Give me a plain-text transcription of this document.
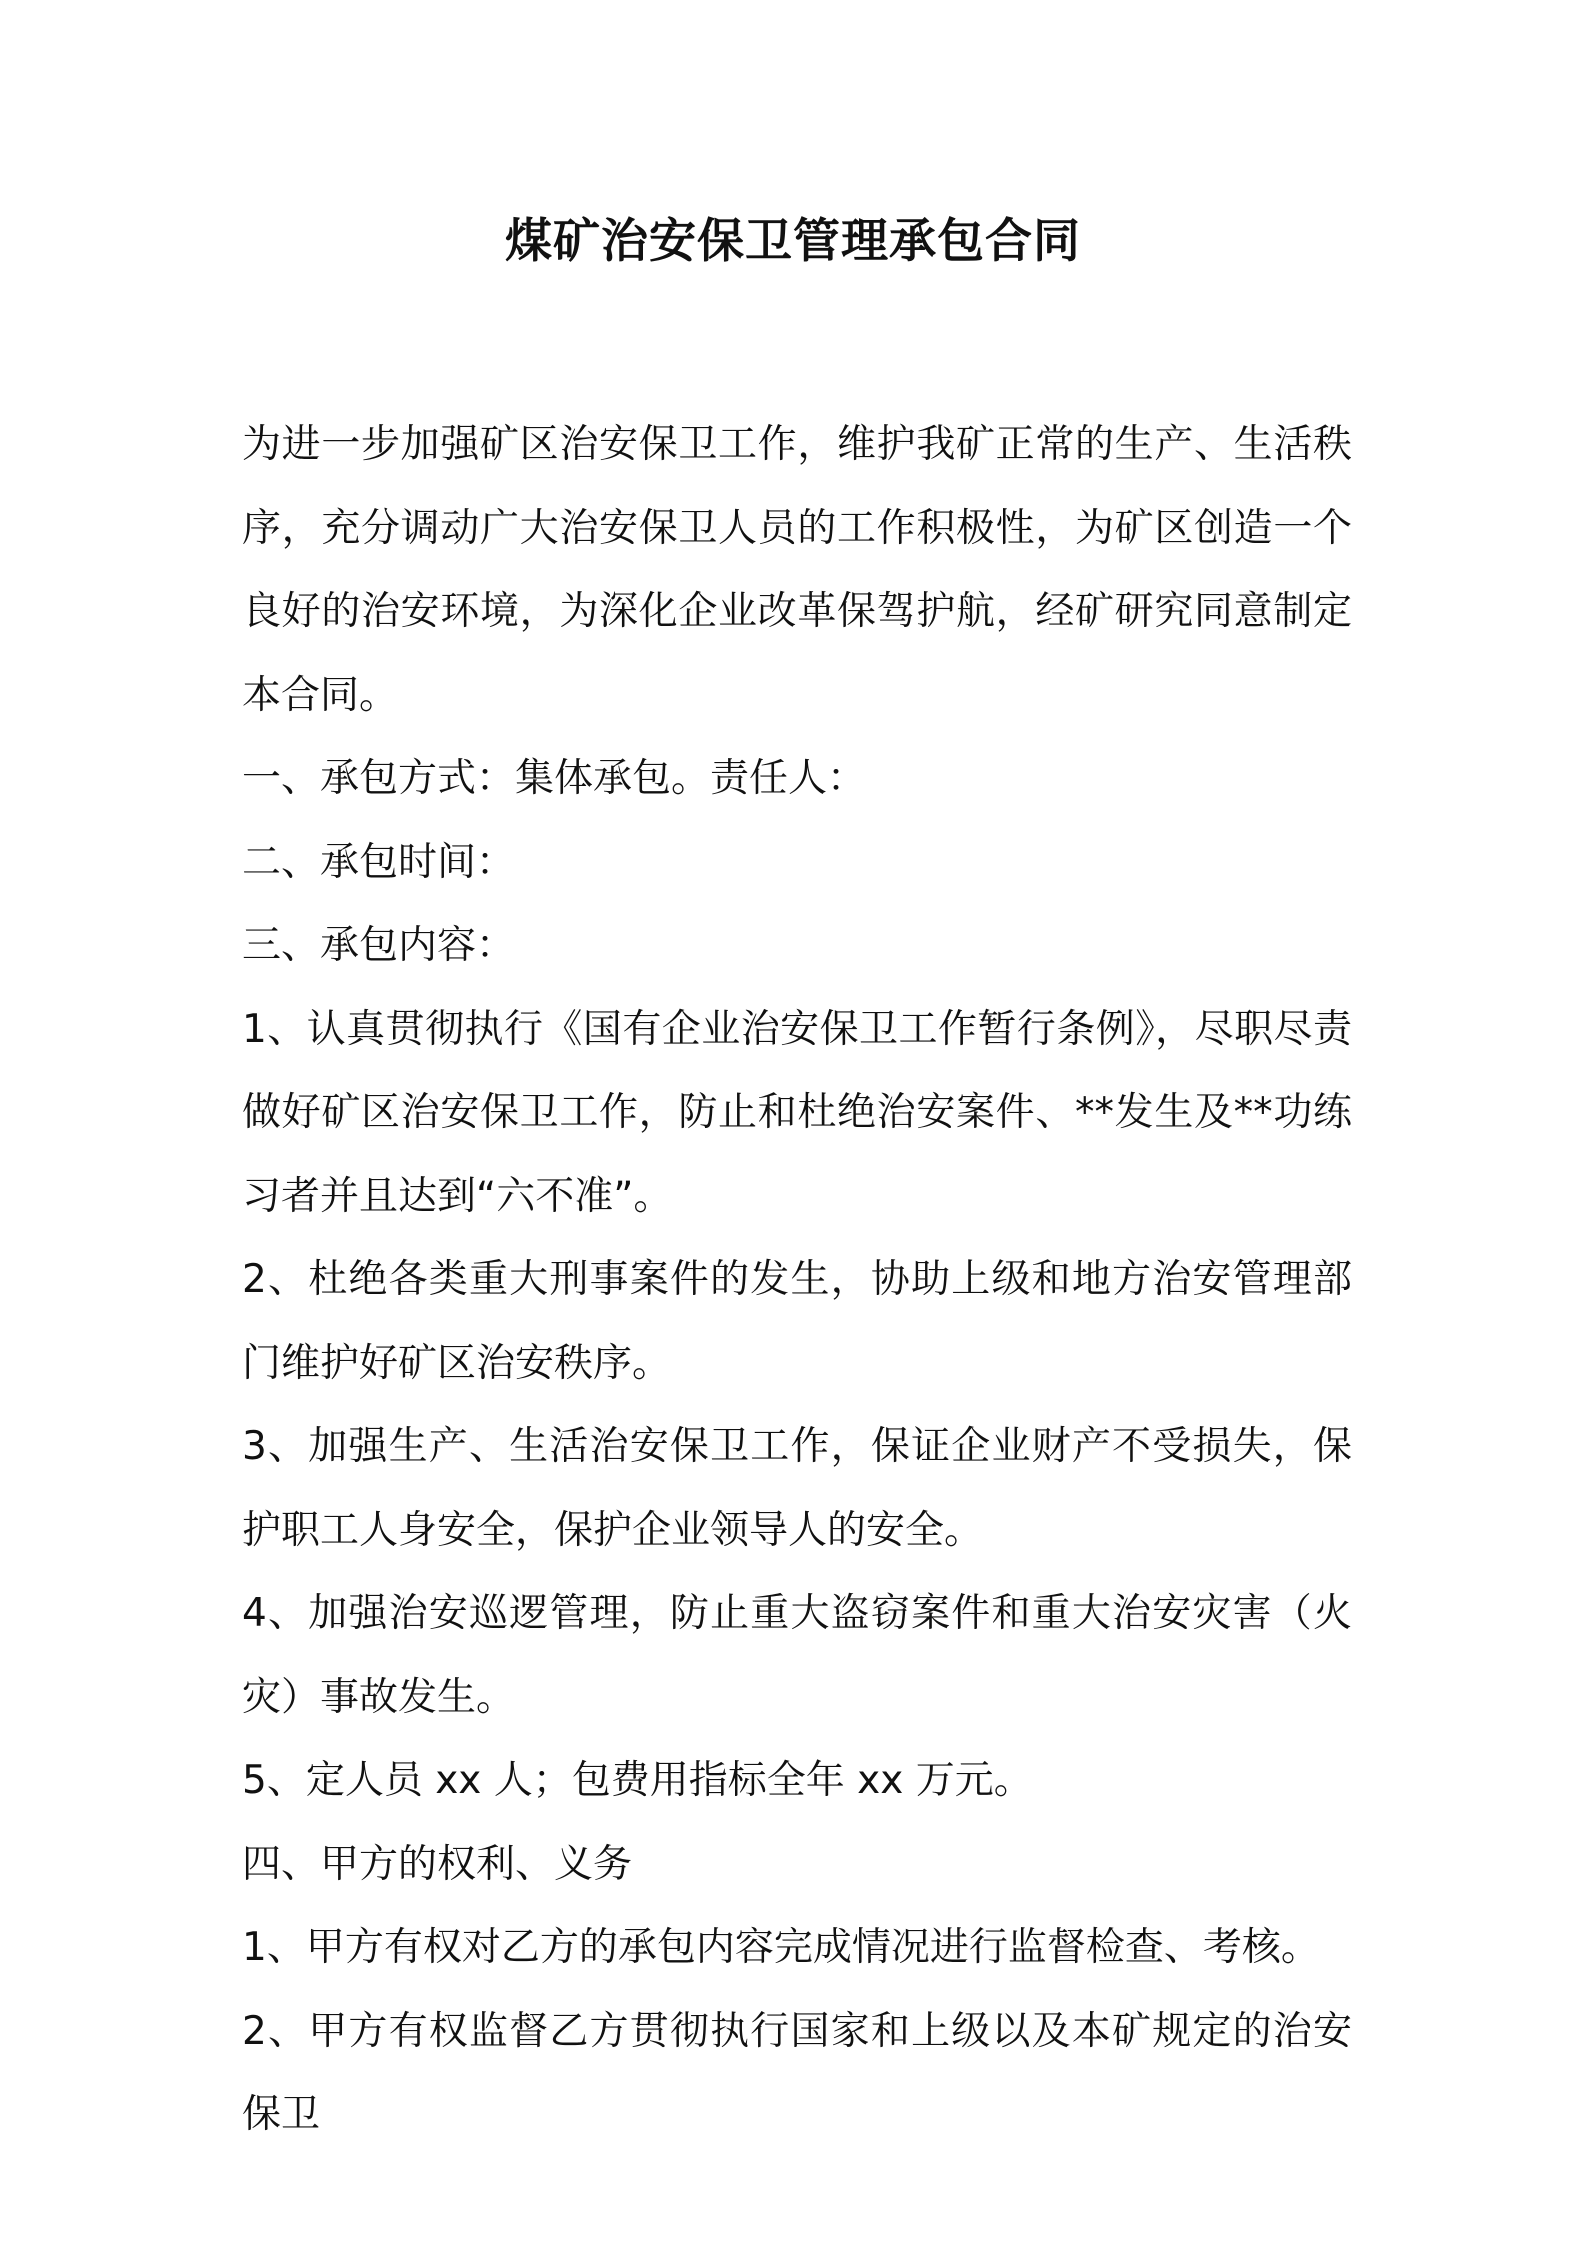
煤矿治安保卫管理承包合同

为进一步加强矿区治安保卫工作，维护我矿正常的生产、生活秩序，充分调动广大治安保卫人员的工作积极性，为矿区创造一个良好的治安环境，为深化企业改革保驾护航，经矿研究同意制定本合同。

一、承包方式：集体承包。责任人：

二、承包时间：

三、承包内容：

1、认真贯彻执行《国有企业治安保卫工作暂行条例》，尽职尽责做好矿区治安保卫工作，防止和杜绝治安案件、**发生及**功练习者并且达到“六不准”。

2、杜绝各类重大刑事案件的发生，协助上级和地方治安管理部门维护好矿区治安秩序。

3、加强生产、生活治安保卫工作，保证企业财产不受损失，保护职工人身安全，保护企业领导人的安全。

4、加强治安巡逻管理，防止重大盗窃案件和重大治安灾害（火灾）事故发生。

5、定人员 xx 人；包费用指标全年 xx 万元。

四、甲方的权利、义务

1、甲方有权对乙方的承包内容完成情况进行监督检查、考核。

2、甲方有权监督乙方贯彻执行国家和上级以及本矿规定的治安保卫
